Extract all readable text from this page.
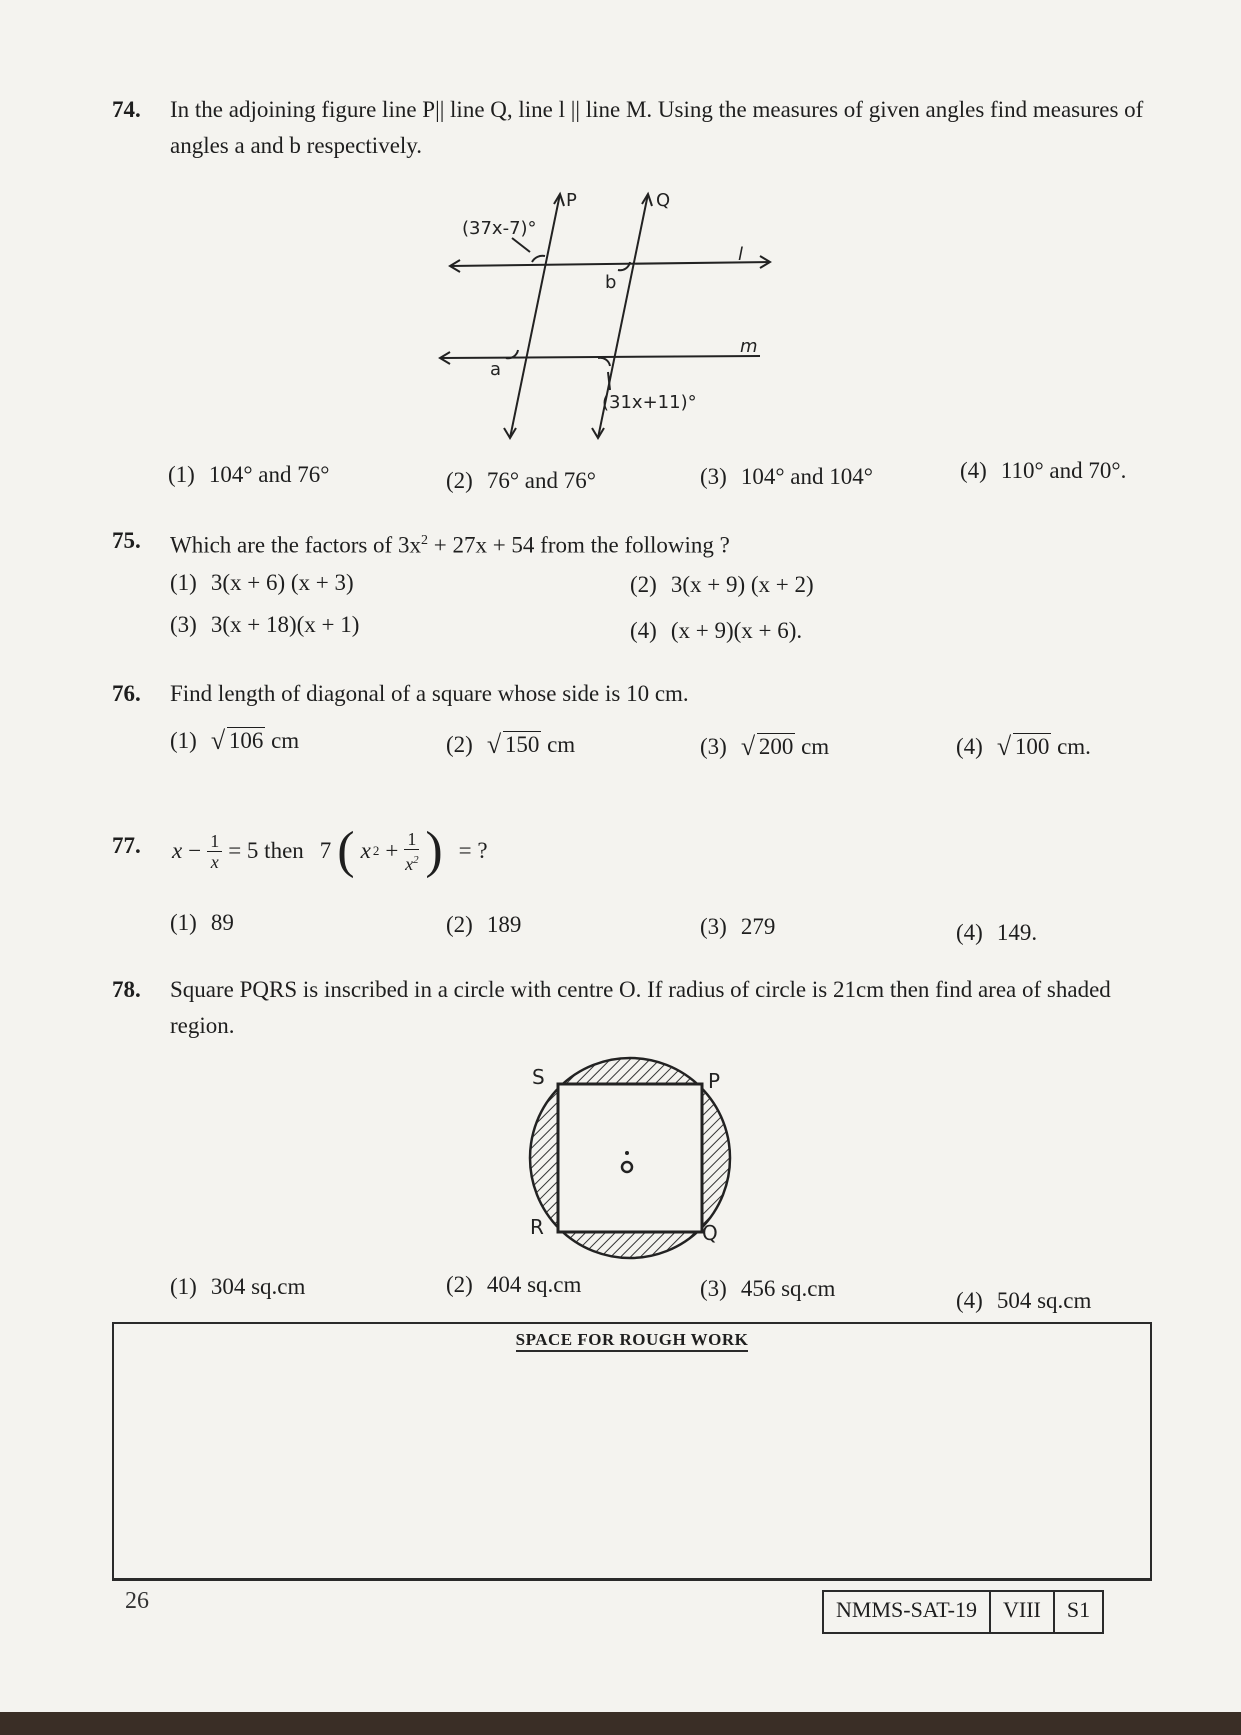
74. In the adjoining figure line P|| line Q, line l || line M. Using the measures of given angles find measures of angles a and b respectively.
P	Q
l
m
a
b
(37x-7)°
(31x+11)°
(1) 104° and 76°	(2) 76° and 76°	(3) 104° and 104°	(4) 110° and 70°.
75. Which are the factors of $3x^2 + 27x + 54$ from the following ?
(1) 3(x + 6) (x + 3)	(2) 3(x + 9) (x + 2)
(3) 3(x + 18)(x + 1)	(4) (x + 9)(x + 6).
76. Find length of diagonal of a square whose side is 10 cm.
(1) √ 106 cm	(2) √ 150 cm	(3) √ 200 cm	(4) √ 100 cm.
77. $x - \frac{1}{x} = 5$ then 7 ( x $2 + \frac{1}{x^2}$ ) = ?
(1) 89	(2) 189	(3) 279	(4) 149.
78. Square PQRS is inscribed in a circle with centre O. If radius of circle is 21cm then find area of shaded region.
S	P
R	Q
(1) 304 sq.cm	(2) 404 sq.cm	(3) 456 sq.cm	(4) 504 sq.cm
SPACE FOR ROUGH WORK
26	NMMS-SAT-19	VIII	S1
